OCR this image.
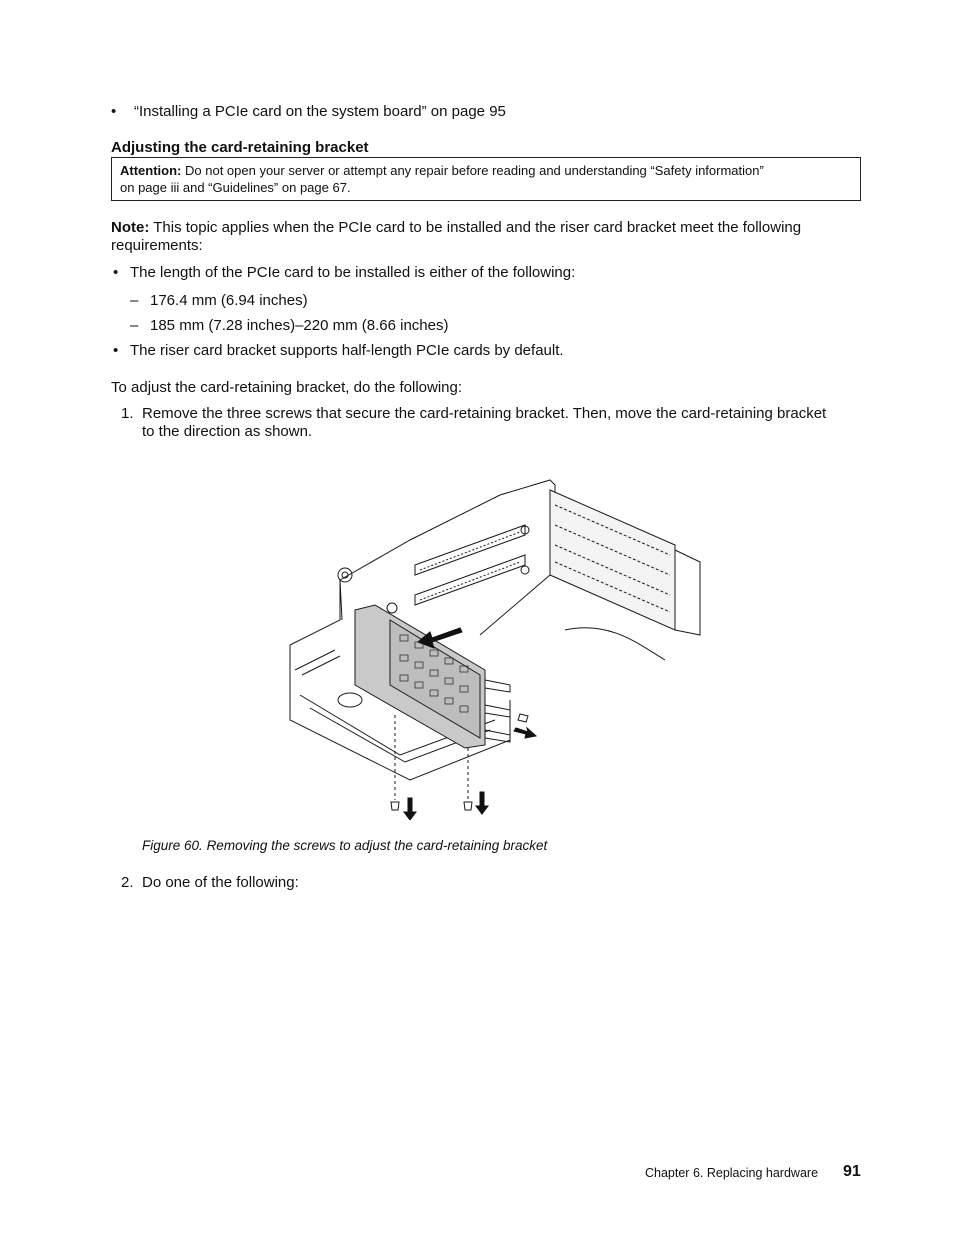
• “Installing a PCIe card on the system board” on page 95
Adjusting the card-retaining bracket
Attention: Do not open your server or attempt any repair before reading and understanding “Safety information”
on page iii and “Guidelines” on page 67.
Note: This topic applies when the PCIe card to be installed and the riser card bracket meet the following
requirements:
• The length of the PCIe card to be installed is either of the following:
– 176.4 mm (6.94 inches)
– 185 mm (7.28 inches)–220 mm (8.66 inches)
• The riser card bracket supports half-length PCIe cards by default.
To adjust the card-retaining bracket, do the following:
1. Remove the three screws that secure the card-retaining bracket. Then, move the card-retaining bracket
to the direction as shown.
Figure 60. Removing the screws to adjust the card-retaining bracket
2. Do one of the following:
Chapter 6. Replacing hardware 91
